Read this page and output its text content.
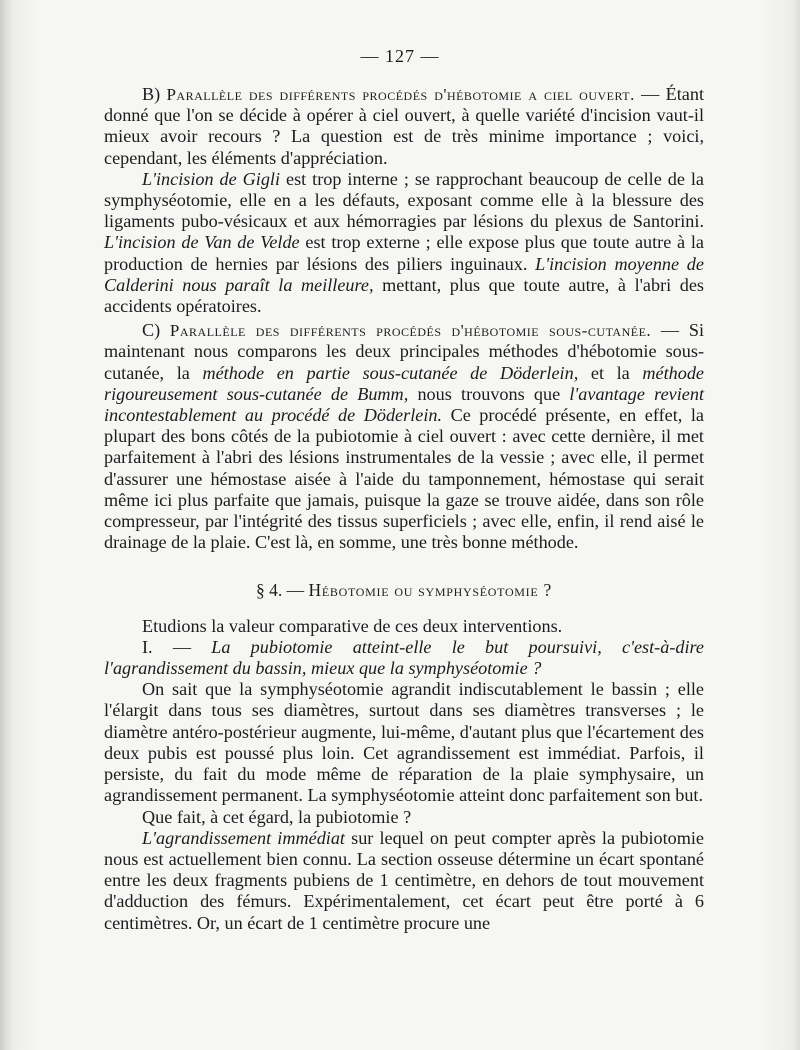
— 127 —

B) Parallèle des différents procédés d'hébotomie a ciel ouvert. — Étant donné que l'on se décide à opérer à ciel ouvert, à quelle variété d'incision vaut-il mieux avoir recours ? La question est de très minime importance ; voici, cependant, les éléments d'appréciation.

L'incision de Gigli est trop interne ; se rapprochant beaucoup de celle de la symphyséotomie, elle en a les défauts, exposant comme elle à la blessure des ligaments pubo-vésicaux et aux hémorragies par lésions du plexus de Santorini. L'incision de Van de Velde est trop externe ; elle expose plus que toute autre à la production de hernies par lésions des piliers inguinaux. L'incision moyenne de Calderini nous paraît la meilleure, mettant, plus que toute autre, à l'abri des accidents opératoires.

C) Parallèle des différents procédés d'hébotomie sous-cutanée. — Si maintenant nous comparons les deux principales méthodes d'hébotomie sous-cutanée, la méthode en partie sous-cutanée de Döderlein, et la méthode rigoureusement sous-cutanée de Bumm, nous trouvons que l'avantage revient incontestablement au procédé de Döderlein. Ce procédé présente, en effet, la plupart des bons côtés de la pubiotomie à ciel ouvert : avec cette dernière, il met parfaitement à l'abri des lésions instrumentales de la vessie ; avec elle, il permet d'assurer une hémostase aisée à l'aide du tamponnement, hémostase qui serait même ici plus parfaite que jamais, puisque la gaze se trouve aidée, dans son rôle compresseur, par l'intégrité des tissus superficiels ; avec elle, enfin, il rend aisé le drainage de la plaie. C'est là, en somme, une très bonne méthode.

§ 4. — Hébotomie ou symphyséotomie ?

Etudions la valeur comparative de ces deux interventions.

I. — La pubiotomie atteint-elle le but poursuivi, c'est-à-dire l'agrandissement du bassin, mieux que la symphyséotomie ?

On sait que la symphyséotomie agrandit indiscutablement le bassin ; elle l'élargit dans tous ses diamètres, surtout dans ses diamètres transverses ; le diamètre antéro-postérieur augmente, lui-même, d'autant plus que l'écartement des deux pubis est poussé plus loin. Cet agrandissement est immédiat. Parfois, il persiste, du fait du mode même de réparation de la plaie symphysaire, un agrandissement permanent. La symphyséotomie atteint donc parfaitement son but.

Que fait, à cet égard, la pubiotomie ?

L'agrandissement immédiat sur lequel on peut compter après la pubiotomie nous est actuellement bien connu. La section osseuse détermine un écart spontané entre les deux fragments pubiens de 1 centimètre, en dehors de tout mouvement d'adduction des fémurs. Expérimentalement, cet écart peut être porté à 6 centimètres. Or, un écart de 1 centimètre procure une
